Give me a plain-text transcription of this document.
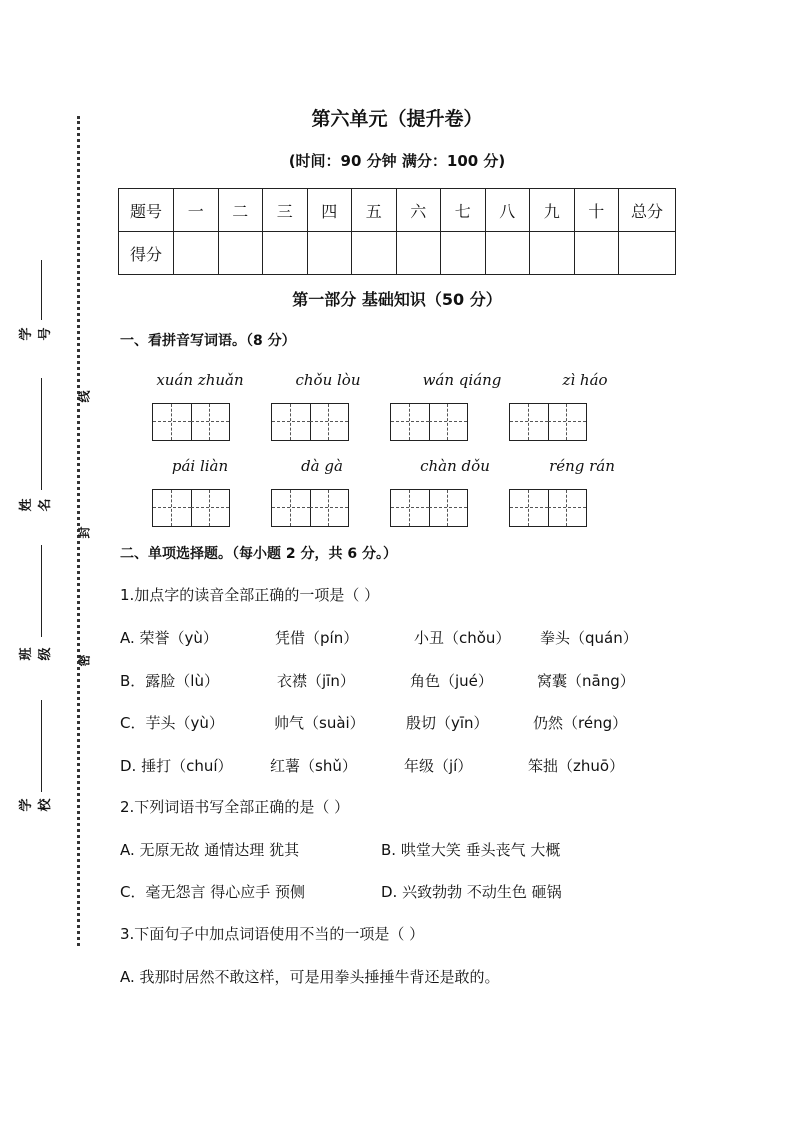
学号
姓名
班级
学校
线
封
密
第六单元（提升卷）
(时间：90 分钟 满分：100 分)
题号	一	二	三	四	五	六	七	八	九	十	总分
得分											
第一部分 基础知识（50 分）
一、看拼音写词语。（8 分）
xuán zhuǎn	chǒu lòu	wán qiáng	zì háo
pái liàn	dà gà	chàn dǒu	réng rán
二、单项选择题。（每小题 2 分，共 6 分。）
1.加点字的读音全部正确的一项是（ ）
A. 荣誉（yù）	凭借（pín）	小丑（chǒu） 拳头（quán）
B．露脸（lù）	衣襟（jīn）	角色（jué）	窝囊（nāng）
C．芋头（yù）	帅气（suài）	殷切（yīn）	仍然（réng）
D. 捶打（chuí） 红薯（shǔ）	年级（jí）	笨拙（zhuō）
2.下列词语书写全部正确的是（ ）
A. 无原无故 通情达理 犹其	B. 哄堂大笑 垂头丧气 大概
C．毫无怨言 得心应手 预侧	D. 兴致勃勃 不动生色 砸锅
3.下面句子中加点词语使用不当的一项是（ ）
A. 我那时居然不敢这样，可是用拳头捶捶牛背还是敢的。
